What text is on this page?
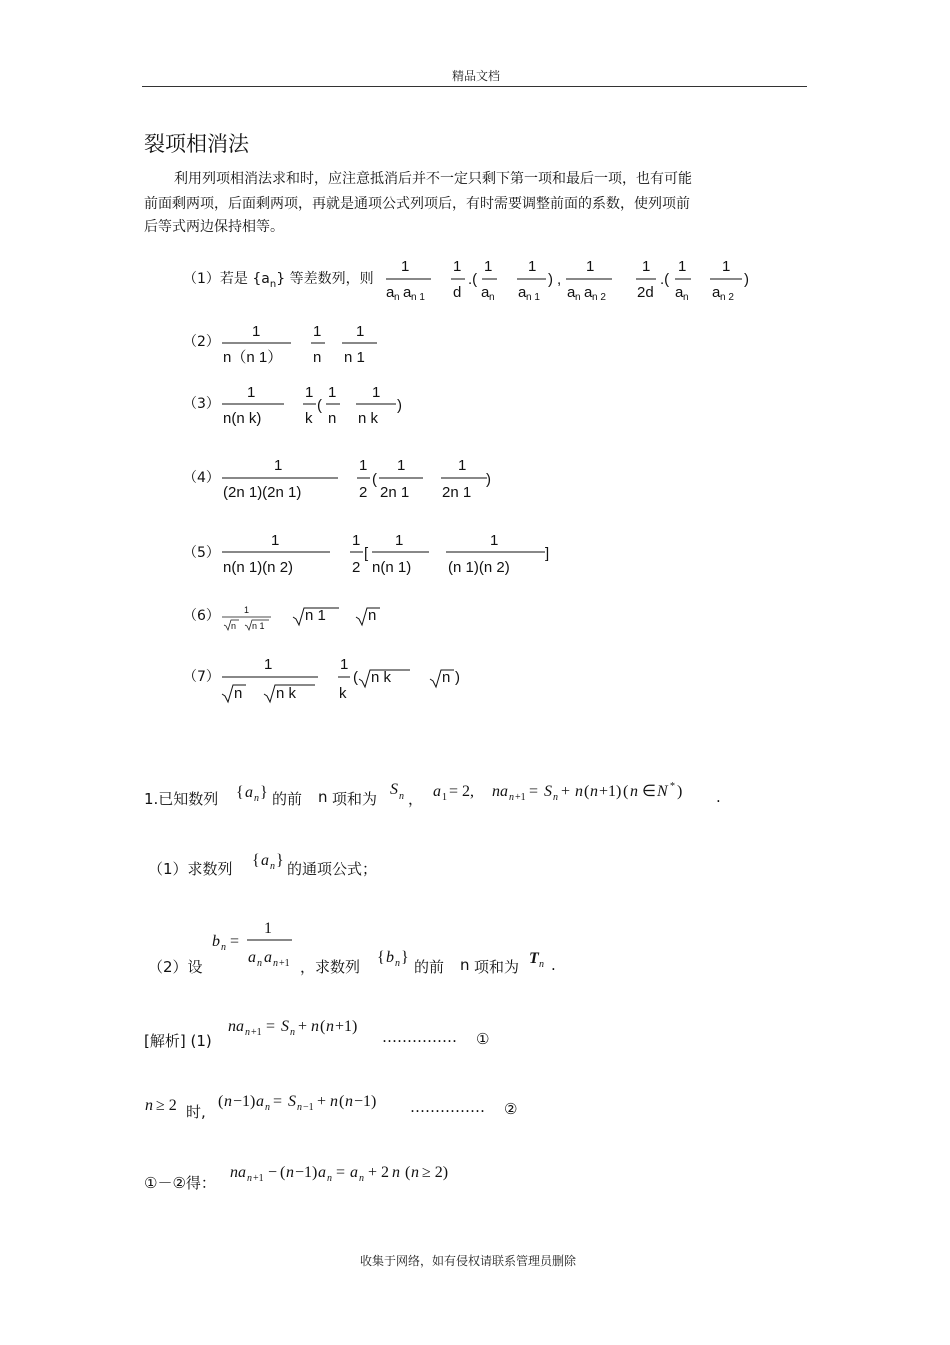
精品文档
裂项相消法
利用列项相消法求和时，应注意抵消后并不一定只剩下第一项和最后一项，也有可能
前面剩两项，后面剩两项，再就是通项公式列项后，有时需要调整前面的系数，使列项前
后等式两边保持相等。
（1）若是 $\{a_n\}$ 等差数列，则
1
a n a n 1
1
d
.(
1
a n
1
a n 1
) ,
1
a n a n 2
1
2d
.(
1
a n
1
a n 2
)
1
n（n 1）
1
n
1
n 1
1
n(n k)
1
k
(
1
n
1
n k
)
1
(2n 1)(2n 1)
1
2
(
1
2n 1
1
2n 1
)
1
n(n 1)(n 2)
1
2
[
1
n(n 1)
1
(n 1)(n 2)
]
1
n n 1
n 1	n
1
n n k
1
k
( n k	n )
{ a n }	S n a 1 = 2, na n +1 = S n + n ( n +1) ( n ∈ N * )
{ a n }
b n =
1
a n a n +1	{ b n }	T n
na n +1 = S n + n ( n +1)
n ≥ 2	( n −1) a n = S n −1 + n ( n −1)
na n +1 − ( n −1) a n = a n + 2 n ( n ≥ 2)
（2）
（3）
（4）
（5）
（6）
（7）
1.已知数列	的前 n 项和为 ，	.
（1）求数列	的通项公式；
（2）设	，求数列	的前 n 项和为 .
[解析] (1)	…………… ①
时,	…………… ②
①－②得：
收集于网络，如有侵权请联系管理员删除
